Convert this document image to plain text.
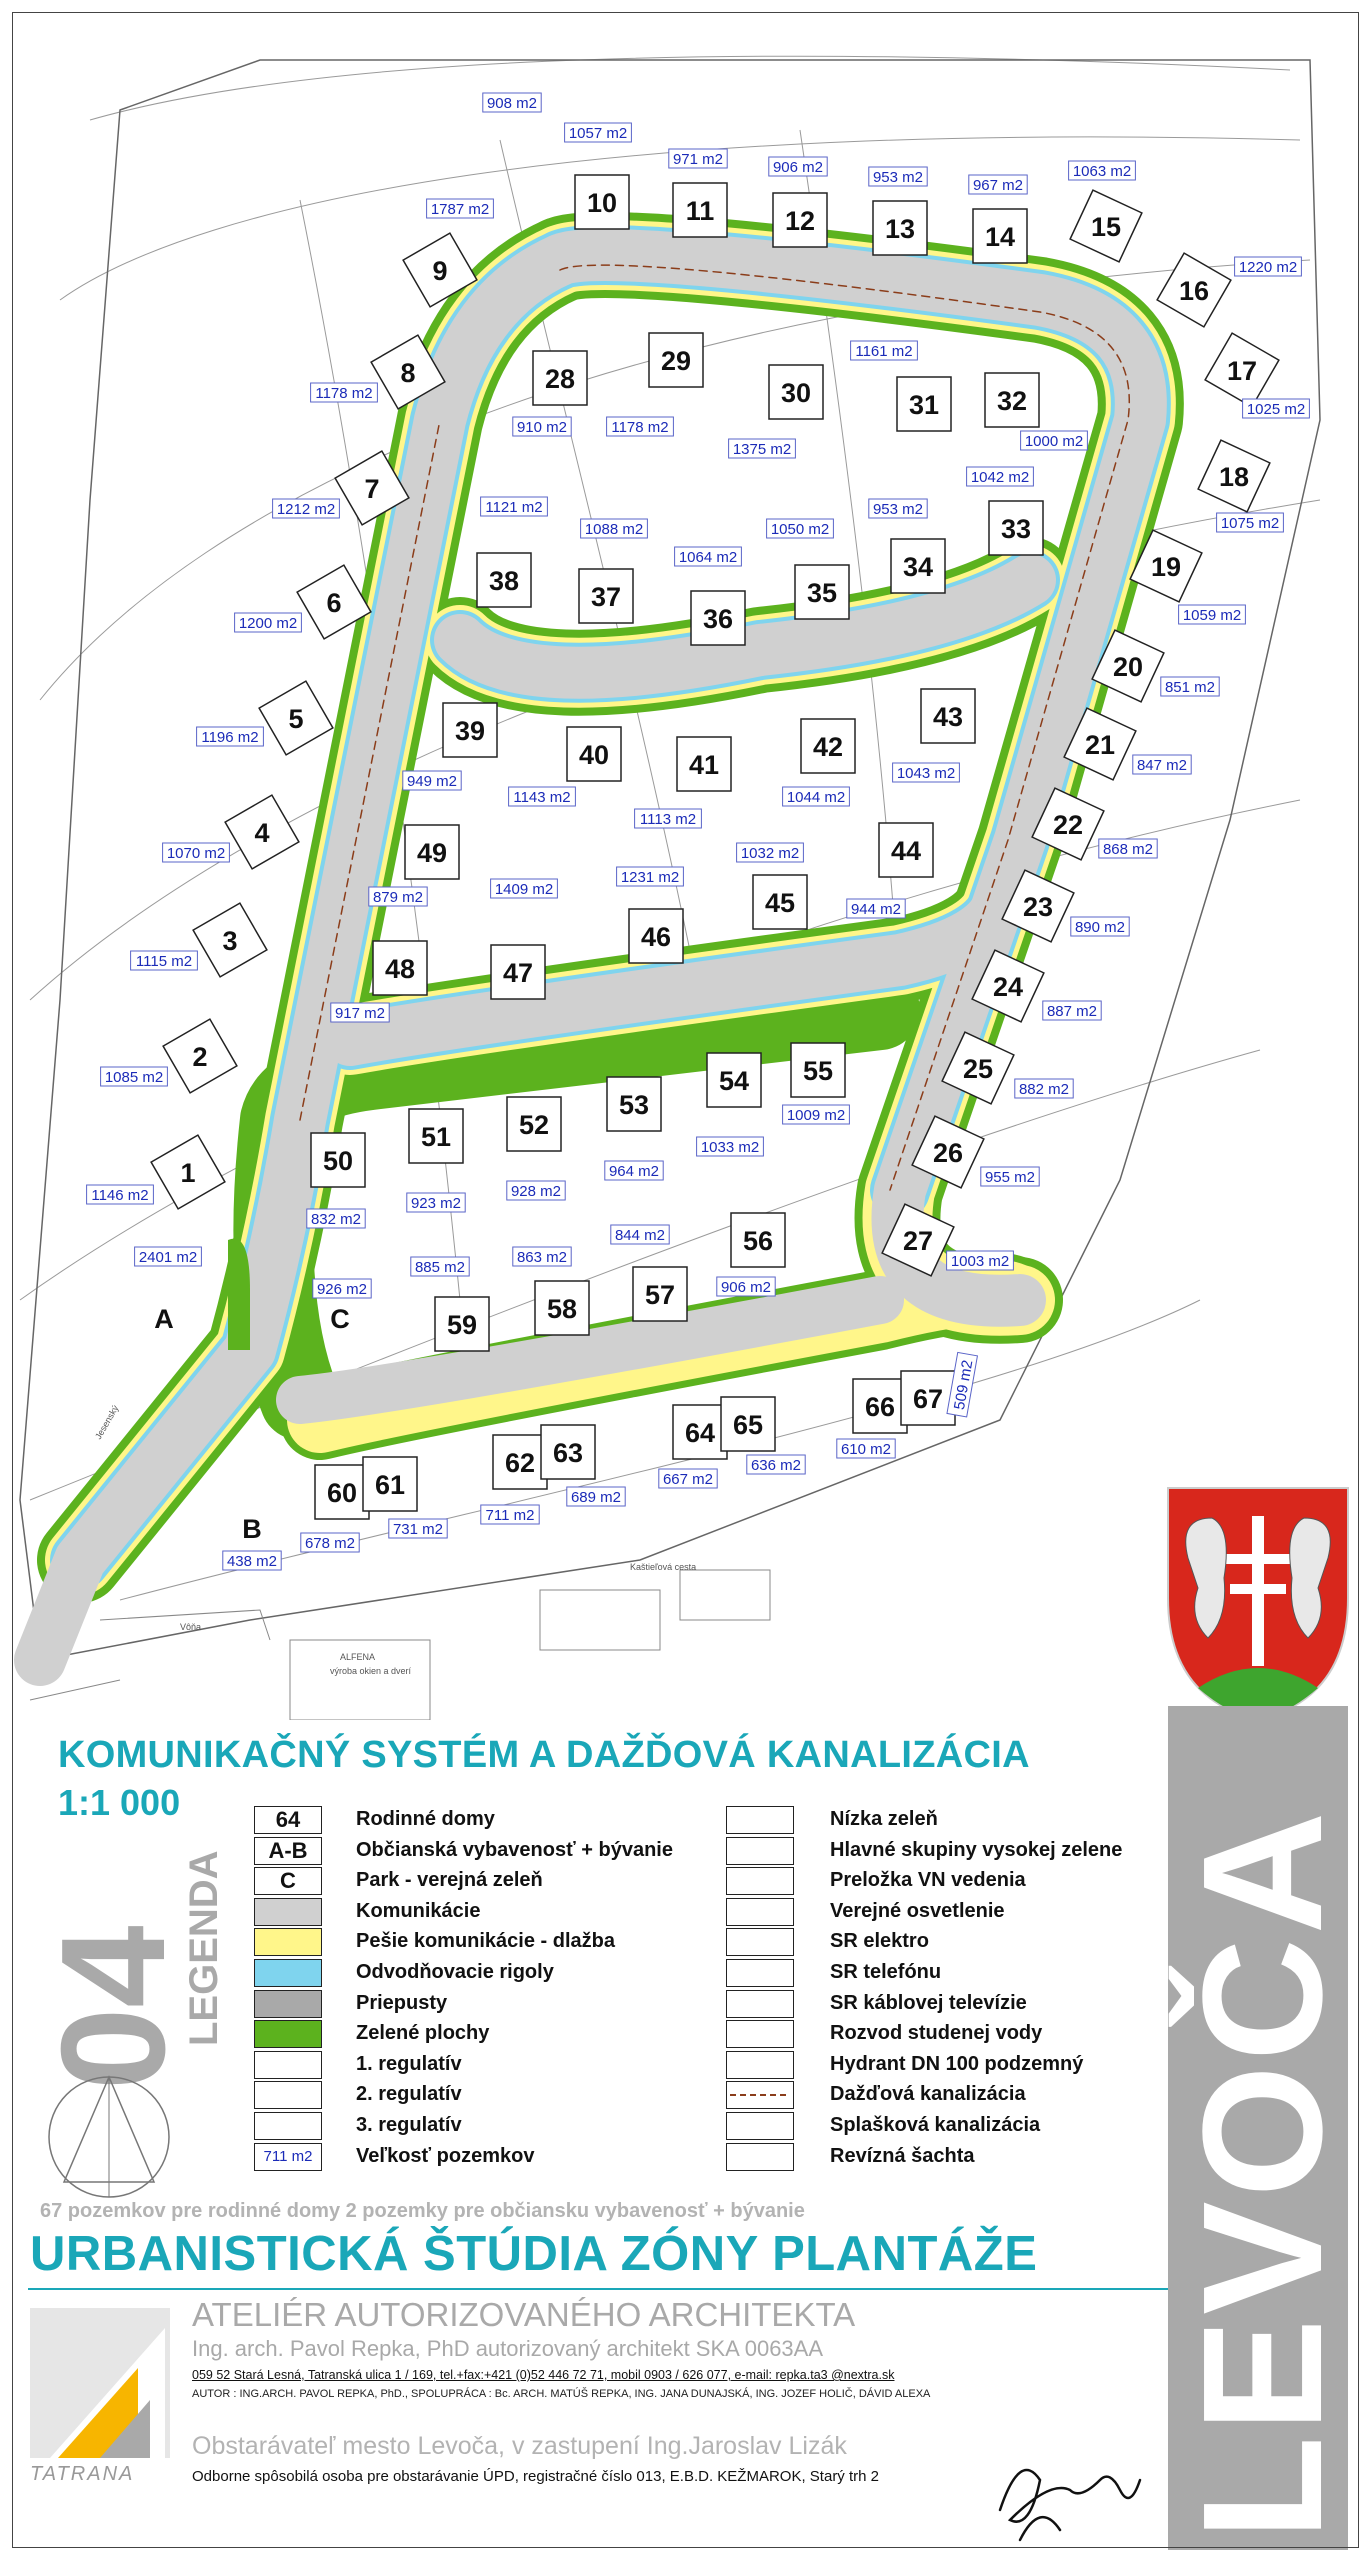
1
2
3
4
5
6
7
8
9
10	11	12	13	14	15
16
17
18
19
20
21
22
23
24
25
26
27
28
29
30	31 32
33
34
35
36
37
38
39
40	41
42
43
44
45
46
47
48
49
50
51	52
53
54 55
56
57
58
59
60 61
62 63
64 65
66 67
A
B
C
908 m2
1057 m2
971 m2	906 m2
953 m2	967 m2
1063 m2
1787 m2
1220 m2
1178 m2
1025 m2
910 m2	1178 m2
1161 m2
1000 m2
1375 m2
1212 m2
1042 m2
1075 m2
1121 m2
1088 m2
953 m2
1050 m2
1064 m2
1200 m2	1059 m2
851 m2
1196 m2
949 m2
1143 m2
1113 m2
1044 m2
1043 m2	847 m2
1070 m2
879 m2	1409 m2
1231 m2
1032 m2	868 m2
944 m2
1115 m2
890 m2
917 m2	887 m2
1085 m2
1009 m2
882 m2
1033 m2
964 m2
1146 m2	923 m2
928 m2
955 m2
832 m2
844 m2
2401 m2
885 m2
863 m2	1003 m2
906 m2
926 m2
610 m2
636 m2
667 m2
689 m2
711 m2
731 m2
678 m2
438 m2
509 m2
ALFENA
výroba okien a dverí
Vôňa
Jesenský
Kaštieľová cesta
KOMUNIKAČNÝ SYSTÉM A DAŽĎOVÁ KANALIZÁCIA
1:1 000
04
LEGENDA
64	Rodinné domy
A-B	Občianská vybavenosť + bývanie
C	Park - verejná zeleň
Komunikácie
Pešie komunikácie - dlažba
Odvodňovacie rigoly
Priepusty
Zelené plochy
1. regulatív
2. regulatív
3. regulatív
711 m2	Veľkosť pozemkov
Nízka zeleň
Hlavné skupiny vysokej zelene
Preložka VN vedenia
Verejné osvetlenie
SR elektro
SR telefónu
SR káblovej televízie
Rozvod studenej vody
Hydrant DN 100 podzemný
Dažďová kanalizácia
Splašková kanalizácia
Revízná šachta
67 pozemkov pre rodinné domy 2 pozemky pre občiansku vybavenosť + bývanie
URBANISTICKÁ ŠTÚDIA ZÓNY PLANTÁŽE
TATRANA
ATELIÉR AUTORIZOVANÉHO ARCHITEKTA
Ing. arch. Pavol Repka, PhD autorizovaný architekt SKA 0063AA
059 52 Stará Lesná, Tatranská ulica 1 / 169, tel.+fax:+421 (0)52 446 72 71, mobil 0903 / 626 077, e-mail: repka.ta3 @nextra.sk
AUTOR : ING.ARCH. PAVOL REPKA, PhD., SPOLUPRÁCA : Bc. ARCH. MATÚŠ REPKA, ING. JANA DUNAJSKÁ, ING. JOZEF HOLIČ, DÁVID ALEXA
Obstarávateľ mesto Levoča, v zastupení Ing.Jaroslav Lizák
Odborne spôsobilá osoba pre obstarávanie ÚPD, registračné číslo 013, E.B.D. KEŽMAROK, Starý trh 2 LEVOČA
